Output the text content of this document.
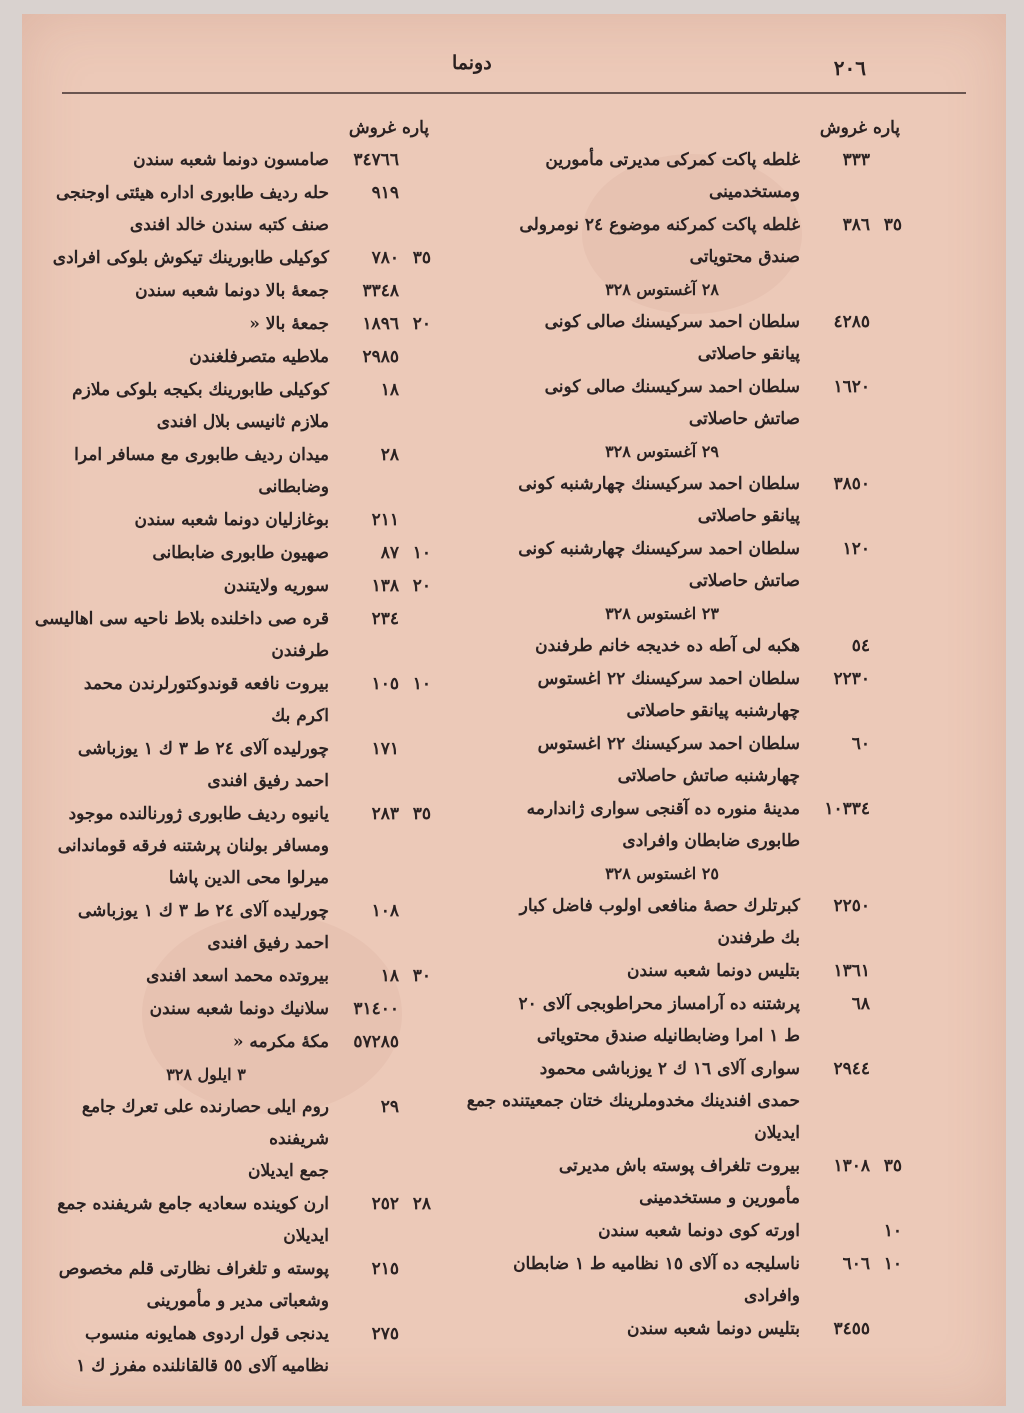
٢٠٦
دونما
پاره غروش
٣٣٣
غلطه پاکت کمرکی مدیرتی مأمورین
ومستخدمینی
٣٥
٣٨٦
غلطه پاکت کمرکنه موضوع ٢٤ نومرولی
صندق محتویاتی
٢٨ آغستوس ٣٢٨
٤٢٨٥
سلطان احمد سرکیسنك صالی کونی
پیانقو حاصلاتی
١٦٢٠
سلطان احمد سرکیسنك صالی کونی
صاتش حاصلاتی
٢٩ آغستوس ٣٢٨
٣٨٥٠
سلطان احمد سرکیسنك چهارشنبه کونی
پیانقو حاصلاتی
١٢٠
سلطان احمد سرکیسنك چهارشنبه کونی
صاتش حاصلاتی
٢٣ اغستوس ٣٢٨
٥٤
هکبه لی آطه ده خدیجه خانم طرفندن
٢٢٣٠
سلطان احمد سرکیسنك ٢٢ اغستوس
چهارشنبه پیانقو حاصلاتی
٦٠
سلطان احمد سرکیسنك ٢٢ اغستوس
چهارشنبه صاتش حاصلاتی
١٠٣٣٤
مدینهٔ منوره ده آقنجی سواری ژاندارمه
طابوری ضابطان وافرادی
٢٥ اغستوس ٣٢٨
٢٢٥٠
کبرتلرك حصهٔ منافعی اولوب فاضل کبار
بك طرفندن
١٣٦١
بتلیس دونما شعبه سندن
٦٨
پرشتنه ده آرامساز محراطوبجی آلای ٢٠
ط ١ امرا وضابطانیله صندق محتویاتی
٢٩٤٤
سواری آلای ١٦ ك ٢ یوزباشی محمود
حمدی افندینك مخدوملرینك ختان جمعیتنده جمع ایدیلان
٣٥
١٣٠٨
بیروت تلغراف پوسته باش مدیرتی
مأمورین و مستخدمینی
١٠
اورته کوی دونما شعبه سندن
١٠
٦٠٦
ناسلیجه ده آلای ١٥ نظامیه ط ١ ضابطان
وافرادی
٣٤٥٥
بتلیس دونما شعبه سندن
پاره غروش
٣٤٧٦٦
صامسون دونما شعبه سندن
٩١٩
حله ردیف طابوری اداره هیئتی اوجنجی
صنف کتبه سندن خالد افندی
٣٥
٧٨٠
کوکیلی طابورینك تیکوش بلوکی افرادی
٣٣٤٨
جمعهٔ بالا دونما شعبه سندن
٢٠
١٨٩٦
جمعهٔ بالا «
٢٩٨٥
ملاطیه متصرفلغندن
١٨
کوکیلی طابورینك بکیجه بلوکی ملازم
ملازم ثانیسی بلال افندی
٢٨
میدان ردیف طابوری مع مسافر امرا
وضابطانی
٢١١
بوغازلیان دونما شعبه سندن
١٠
٨٧
صهیون طابوری ضابطانی
٢٠
١٣٨
سوریه ولایتندن
٢٣٤
قره صی داخلنده بلاط ناحیه سی اهالیسی
طرفندن
١٠
١٠٥
بیروت نافعه قوندوکتورلرندن محمد
اکرم بك
١٧١
چورلیده آلای ٢٤ ط ٣ ك ١ یوزباشی
احمد رفیق افندی
٣٥
٢٨٣
یانیوه ردیف طابوری ژورنالنده موجود
ومسافر بولنان پرشتنه فرقه قوماندانی میرلوا محی الدین پاشا
١٠٨
چورلیده آلای ٢٤ ط ٣ ك ١ یوزباشی
احمد رفیق افندی
٣٠
١٨
بیروتده محمد اسعد افندی
٣١٤٠٠
سلانیك دونما شعبه سندن
٥٧٢٨٥
مکهٔ مکرمه «
٣ ایلول ٣٢٨
٢٩
روم ایلی حصارنده علی تعرك جامع شریفنده
جمع ایدیلان
٢٨
٢٥٢
ارن کوینده سعادیه جامع شریفنده جمع
ایدیلان
٢١٥
پوسته و تلغراف نظارتی قلم مخصوص
وشعباتی مدیر و مأمورینی
٢٧٥
یدنجی قول اردوی همایونه منسوب
نظامیه آلای ٥٥ قالقانلنده مفرز ك ١
